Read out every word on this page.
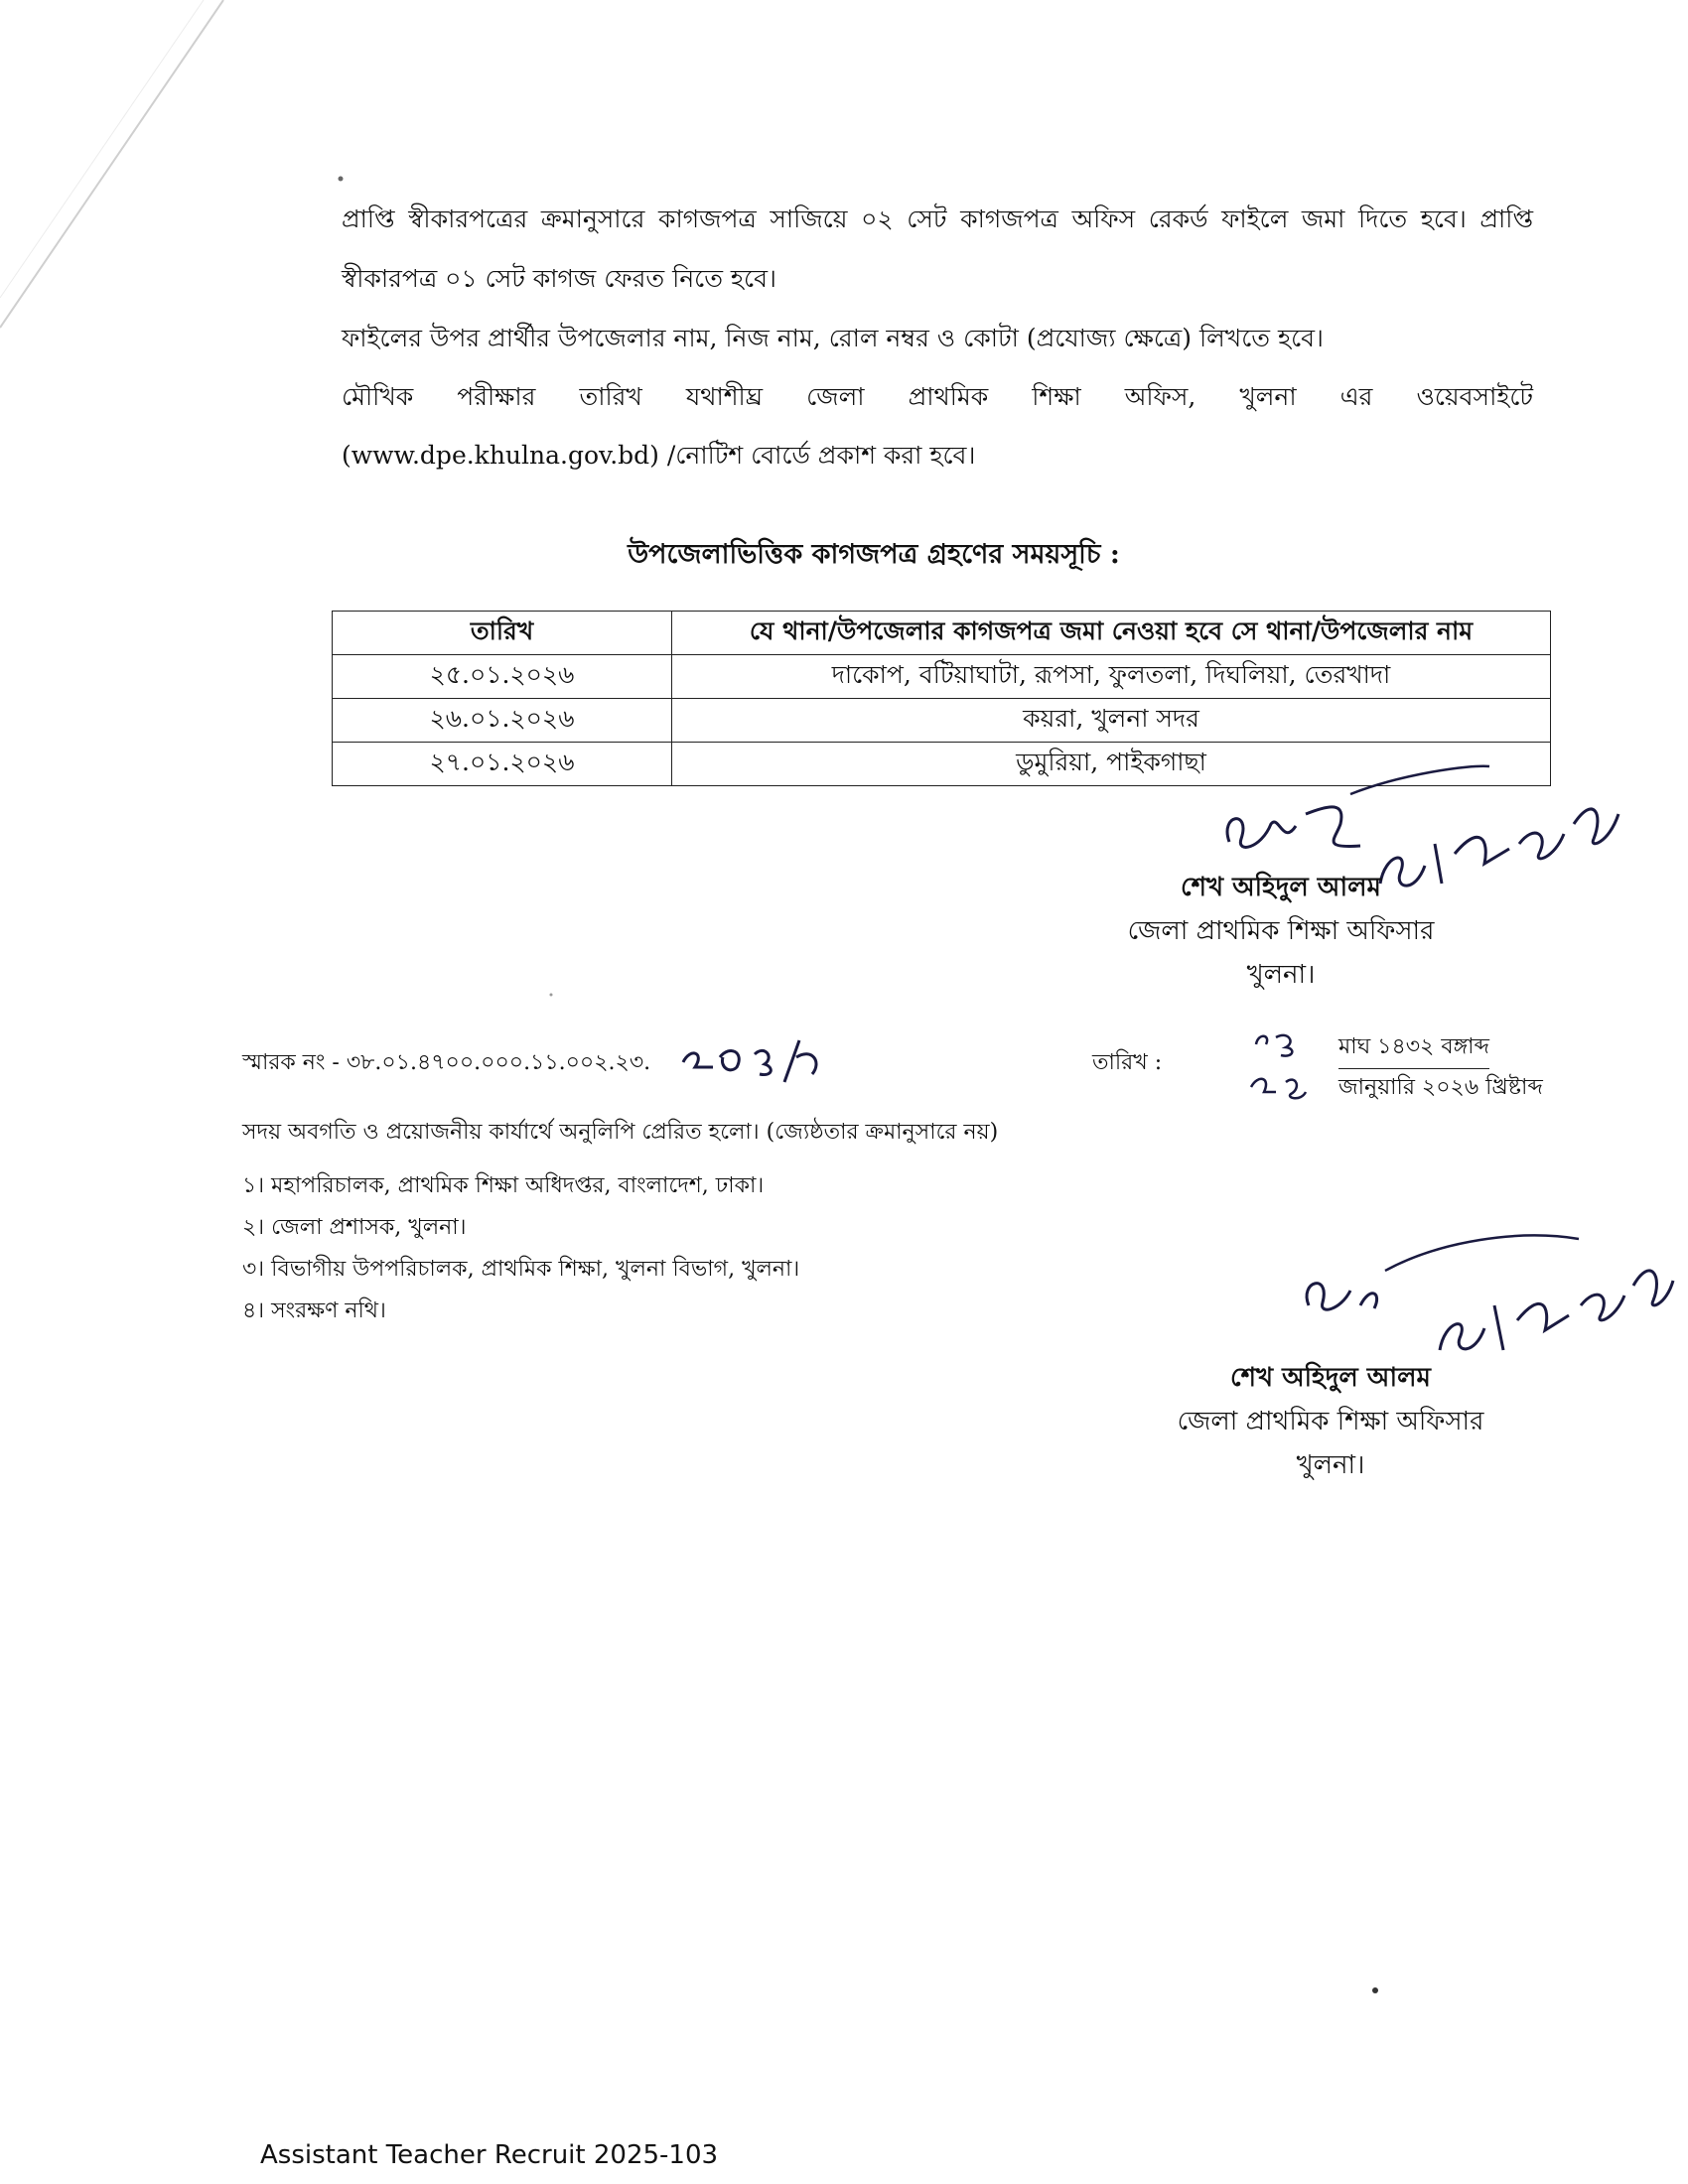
প্রাপ্তি স্বীকারপত্রের ক্রমানুসারে কাগজপত্র সাজিয়ে ০২ সেট কাগজপত্র অফিস রেকর্ড ফাইলে জমা দিতে হবে। প্রাপ্তি
স্বীকারপত্র ০১ সেট কাগজ ফেরত নিতে হবে।
ফাইলের উপর প্রার্থীর উপজেলার নাম, নিজ নাম, রোল নম্বর ও কোটা (প্রযোজ্য ক্ষেত্রে) লিখতে হবে।
মৌখিক পরীক্ষার তারিখ যথাশীঘ্র জেলা প্রাথমিক শিক্ষা অফিস, খুলনা এর ওয়েবসাইটে
(www.dpe.khulna.gov.bd) /নোটিশ বোর্ডে প্রকাশ করা হবে।
উপজেলাভিত্তিক কাগজপত্র গ্রহণের সময়সূচি :
তারিখ	যে থানা/উপজেলার কাগজপত্র জমা নেওয়া হবে সে থানা/উপজেলার নাম
২৫.০১.২০২৬	দাকোপ, বটিয়াঘাটা, রূপসা, ফুলতলা, দিঘলিয়া, তেরখাদা
২৬.০১.২০২৬	কয়রা, খুলনা সদর
২৭.০১.২০২৬	ডুমুরিয়া, পাইকগাছা
শেখ অহিদুল আলম
জেলা প্রাথমিক শিক্ষা অফিসার
খুলনা।
স্মারক নং - ৩৮.০১.৪৭০০.০০০.১১.০০২.২৩.	তারিখ :
মাঘ ১৪৩২ বঙ্গাব্দ
জানুয়ারি ২০২৬ খ্রিষ্টাব্দ
সদয় অবগতি ও প্রয়োজনীয় কার্যার্থে অনুলিপি প্রেরিত হলো। (জ্যেষ্ঠতার ক্রমানুসারে নয়)
১। মহাপরিচালক, প্রাথমিক শিক্ষা অধিদপ্তর, বাংলাদেশ, ঢাকা।
২। জেলা প্রশাসক, খুলনা।
৩। বিভাগীয় উপপরিচালক, প্রাথমিক শিক্ষা, খুলনা বিভাগ, খুলনা।
৪। সংরক্ষণ নথি।
শেখ অহিদুল আলম
জেলা প্রাথমিক শিক্ষা অফিসার
খুলনা।
Assistant Teacher Recruit 2025-103
